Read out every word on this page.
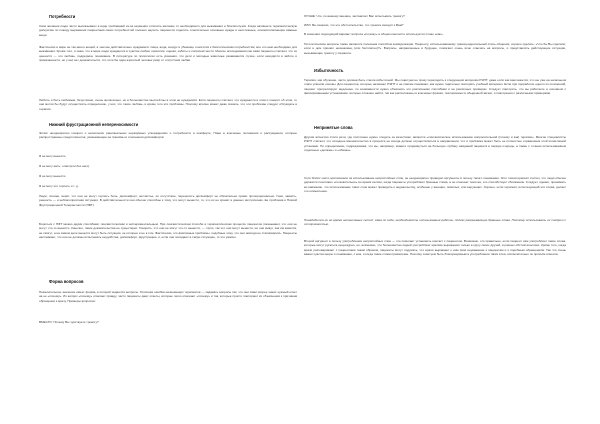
Потребности

Свои желания люди часто высказывают в виде требований из-за неумения отличить желание от необходимого для выживания и благополучия. Когда начинаете терапевтическую дискуссию по поводу выражения пациентами своих потребностей полезно научить пациентов отделять относительно основные нужды и неотложные, основополагающие важные вещи.

Фактически в мире не так много вещей, в чем мы действительно нуждаемся: пища, вода, воздух и убежище относятся к биологическим потребностям; все это нам необходимо для выживания. Кроме того, я знаю, что в мире люди нуждаются в чувстве любви, принятия, оценки, заботы и сопричастности. Многие исследования как сами пациенты считают, что их ценности — это любовь, поддержка, понимание. В литературе по психологии есть указания, что дети и молодые животные развиваются лучше, если находятся в заботе и привязанности, но у нас нет доказательств, что хотя бы один взрослый человек умер от отсутствия любви.

Любить и быть любимым, безусловно, очень желательно, но в большинстве мыслей мы в этом не нуждаемся. Если пациенты считают, что нуждаются в этом и говорят об этом, то они могли бы будут осуществить определение, у них, что такое любовь, и кроме того эти проблемы. Поэтому вполне может даже сказать, что эти проблемы следует обсуждать в терапии.

Нижний фрустрационной непереносимости

Эллис неоднократно говорил о нескольких рациональных неразумных утверждениях о потребности в комфорте. Ниже в ключевые положения и рассуждения, которые распространены среди клиентов, указывающие на трюизмы в отношении дискомфорта:

Я не могу вынести.

Я не могу жить: этим (или без него).

Я не могу вынести.

Я не могу это терпеть и т. д.

Люди, похоже, верят, что они не могут терпеть боль, дискомфорт, несчастье, их отсутствие, переносить дискомфорт не обязательно прямо пропорционально. Гнев, зависть, ревность — и неблагоприятная ситуация. В действительности они обычно способны к тому, что могут вынести, то, что их не хранят в данных им причинах. Ее проблема в Низкой Фрустрационной Толерантности (НФТ).

Бороться с НФТ можно двумя способами: лингвистическим и экспериментальным. При лингвистическом способе в терапевтическом процессе пациентов показывают, что они не могут что-то вынести. Конечно, такие доказательства не существуют. Говорить, что они не могут что-то вынести, — глупо, так что они могут вынести, но они живут, как им кажется, не смогут, а на самом деле вынести могут быть ситуации, не которые и не в том. Фактически, это фиктивные проблемы, подобные тому, что они никогда не сталкивались. Пациенты настаивают, что они не должны испытывать неудобства, дискомфорт, фрустрацию, и, если они попадают в такую ситуацию, то это ужасно.

Форма вопросов

Нежелательное значение имеет форма, в которой задаются вопросы. Типичная ошибка начинающих терапевтов — задавать вопросы так, что они сами скорее знают нужный ответ на ее «почему». Их вопрос «почему» отвечает правду, часто пациенты дают ответы, которые легко отвечают «почему» и так, которые просто повторяют их объяснения к причинам обращения к врачу. Примеры вопросов:

ВМЕСТО: Почему Вы чувствуете тревогу?

ЛУЧШЕ: Что, по вашему мнению, заставляет Вас испытывать тревогу?

ИЛИ: Вы сказали, что это обстоятельство, что тревога заходит к Вам?

В значении подходящий вариант вопроса «почему» в общем контексте используется слово «как».

Гипотетические вопросы также являются полезным способом коммуникации. Пациенту, использовавшему трансцендентальный стиль общения, хорошо сделать: «Что бы Вы сделали, если в дом пришёл незнакомец (или бесплатно)?». Вопросы, направленные в будущее, помогают очень ясно отвечать на вопросы, и представлять действующие ситуации, вызывающие тревогу у пациента.

Избыточность

Терапия, как обучение, часто должна быть слегка избыточной. Мы советуем не сразу переходить к следующим вопросам РЭПТ, даже если как вам кажется, что вы уже на начальном этапе усвоили основы. Для пациентов, которые начинают РЭПТ и не совсем понимают, как нужно тщательно повторять учебный материал. Если при проработке одного из положений, пациент прогрессирует медленно, по возможности нужно объяснить это различными способами и на различных примерах. Следует повторить, что вы работаете в основном с фиксированными установками, которые сложнее найти, так как расположены в ключевых фразах, повторяемых в обыденной жизни, и повторения с различными примерами.

Непринятые слова

Другим аспектом стиля речи, где постоянно нужно следить за качеством, является «синтаксическое использование вопросительной (почему и как) терапии». Многие специалисты РЭПТ считают, что исходное вмешательство в процессе не всегда должно осуществляться в направлении, что и проблема может быть не полностью отражением этой когнитивной установки. По определению, подразумевая, что вы, например, можете продвинуться на большую глубину ожиданий пациента в первую очередь, а также с точным использованием отдельных «должен» и «обязан».

Хотя Эллис часто критиковали за использование непристойных слов, он неоднократно приводил аргументы в пользу такого понимания. Этот психотерапевт считал, что люди обычно держатся позитивно «положительно» во время сессии, когда пациенты употребляют бранные слова, а он отвечает теми же, это способствует сближению. Следует, однако, принимать во внимание, что использование таких слов может приводить к недовольству, особенно у женщин, пожилых, или верующих. Хорошо, если терапевт, использующий эти слова, делает это осмысленно.

Понадобится ли во время интенсивных сессий, сама по себе, необходимость использования работы, подчас раскрывающие бранные слова. Поэтому использовать их следует с осторожностью.

Второй аргумент в пользу употребления непристойных слов — это помогает установить контакт с пациентом. Возможно, это правильно, если пациент сам употребляет такие слова, которые могут ругаться нецензурно, но, возможно, что большинство людей употребляют крепкие выражения только в кругу своих друзей, в разных обстоятельствах. Кроме того, когда врачи разговаривают с пациентами таким образом, пациенты могут подумать, что врачи выражают к ним своё неуважение к пациентам и к подобным обращениям. Так что очень важно чувство меры и понимание, с кем, и когда такие слова приемлемы. Поэтому советуем быть благоразумным в употреблении таких слов, исключительно по просьбе клиента.
